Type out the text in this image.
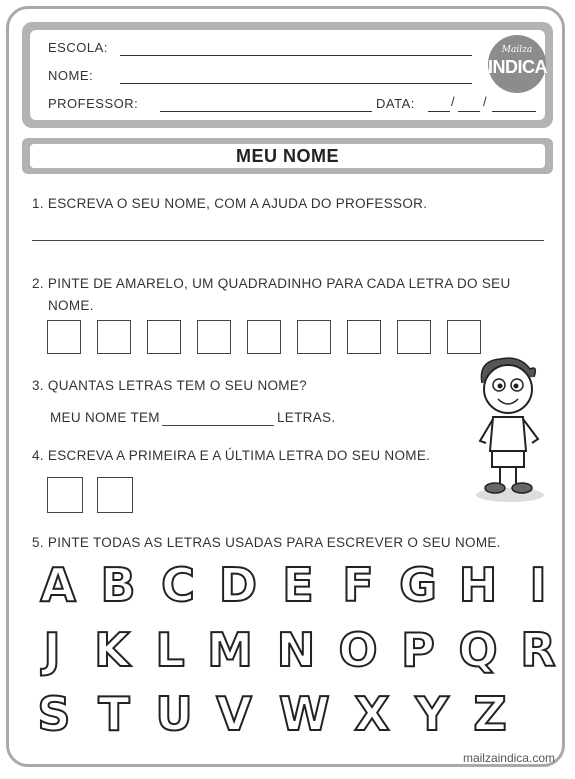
ESCOLA:
NOME:
PROFESSOR:	DATA:	/ /
Mailza
INDICA
MEU NOME
1. ESCREVA O SEU NOME, COM A AJUDA DO PROFESSOR.
2. PINTE DE AMARELO, UM QUADRADINHO PARA CADA LETRA DO SEU
NOME.
3. QUANTAS LETRAS TEM O SEU NOME?
MEU NOME TEM	LETRAS.
4. ESCREVA A PRIMEIRA E A ÚLTIMA LETRA DO SEU NOME.
5. PINTE TODAS AS LETRAS USADAS PARA ESCREVER O SEU NOME.
A B C D E F G H I
J K L M N O P Q R
S T U V W X Y Z
mailzaindica.com
